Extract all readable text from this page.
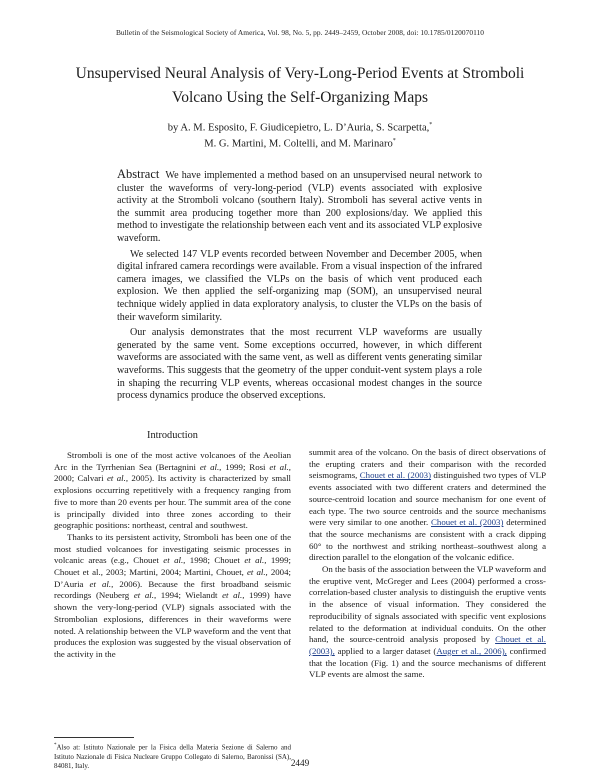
Bulletin of the Seismological Society of America, Vol. 98, No. 5, pp. 2449–2459, October 2008, doi: 10.1785/0120070110
Unsupervised Neural Analysis of Very-Long-Period Events at Stromboli
Volcano Using the Self-Organizing Maps
by A. M. Esposito, F. Giudicepietro, L. D’Auria, S. Scarpetta,*
M. G. Martini, M. Coltelli, and M. Marinaro*

Abstract We have implemented a method based on an unsupervised neural network to cluster the waveforms of very-long-period (VLP) events associated with explosive activity at the Stromboli volcano (southern Italy). Stromboli has several active vents in the summit area producing together more than 200 explosions/day. We applied this method to investigate the relationship between each vent and its associated VLP explosive waveform.

We selected 147 VLP events recorded between November and December 2005, when digital infrared camera recordings were available. From a visual inspection of the infrared camera images, we classified the VLPs on the basis of which vent produced each explosion. We then applied the self-organizing map (SOM), an unsupervised neural technique widely applied in data exploratory analysis, to cluster the VLPs on the basis of their waveform similarity.

Our analysis demonstrates that the most recurrent VLP waveforms are usually generated by the same vent. Some exceptions occurred, however, in which different waveforms are associated with the same vent, as well as different vents generating similar waveforms. This suggests that the geometry of the upper conduit-vent system plays a role in shaping the recurring VLP events, whereas occasional modest changes in the source process dynamics produce the observed exceptions.

Introduction

Stromboli is one of the most active volcanoes of the Aeolian Arc in the Tyrrhenian Sea (Bertagnini et al., 1999; Rosi et al., 2000; Calvari et al., 2005). Its activity is characterized by small explosions occurring repetitively with a frequency ranging from five to more than 20 events per hour. The summit area of the cone is principally divided into three zones according to their geographic positions: northeast, central and southwest.

Thanks to its persistent activity, Stromboli has been one of the most studied volcanoes for investigating seismic processes in volcanic areas (e.g., Chouet et al., 1998; Chouet et al., 1999; Chouet et al., 2003; Martini, 2004; Martini, Chouet, et al., 2004; D’Auria et al., 2006). Because the first broadband seismic recordings (Neuberg et al., 1994; Wielandt et al., 1999) have shown the very-long-period (VLP) signals associated with the Strombolian explosions, differences in their waveforms were noted. A relationship between the VLP waveform and the vent that produces the explosion was suggested by the visual observation of the activity in the

summit area of the volcano. On the basis of direct observations of the erupting craters and their comparison with the recorded seismograms, Chouet et al. (2003) distinguished two types of VLP events associated with two different craters and determined the source-centroid location and source mechanism for one event of each type. The two source centroids and the source mechanisms were very similar to one another. Chouet et al. (2003) determined that the source mechanisms are consistent with a crack dipping 60° to the northwest and striking northeast–southwest along a direction parallel to the elongation of the volcanic edifice.

On the basis of the association between the VLP waveform and the eruptive vent, McGreger and Lees (2004) performed a cross-correlation-based cluster analysis to distinguish the eruptive vents in the absence of visual information. They considered the reproducibility of signals associated with specific vent explosions related to the deformation at individual conduits. On the other hand, the source-centroid analysis proposed by Chouet et al. (2003), applied to a larger dataset (Auger et al., 2006), confirmed that the location (Fig. 1) and the source mechanisms of different VLP events are almost the same.

*Also at: Istituto Nazionale per la Fisica della Materia Sezione di Salerno and Istituto Nazionale di Fisica Nucleare Gruppo Collegato di Salerno, Baronissi (SA), 84081, Italy.	2449
